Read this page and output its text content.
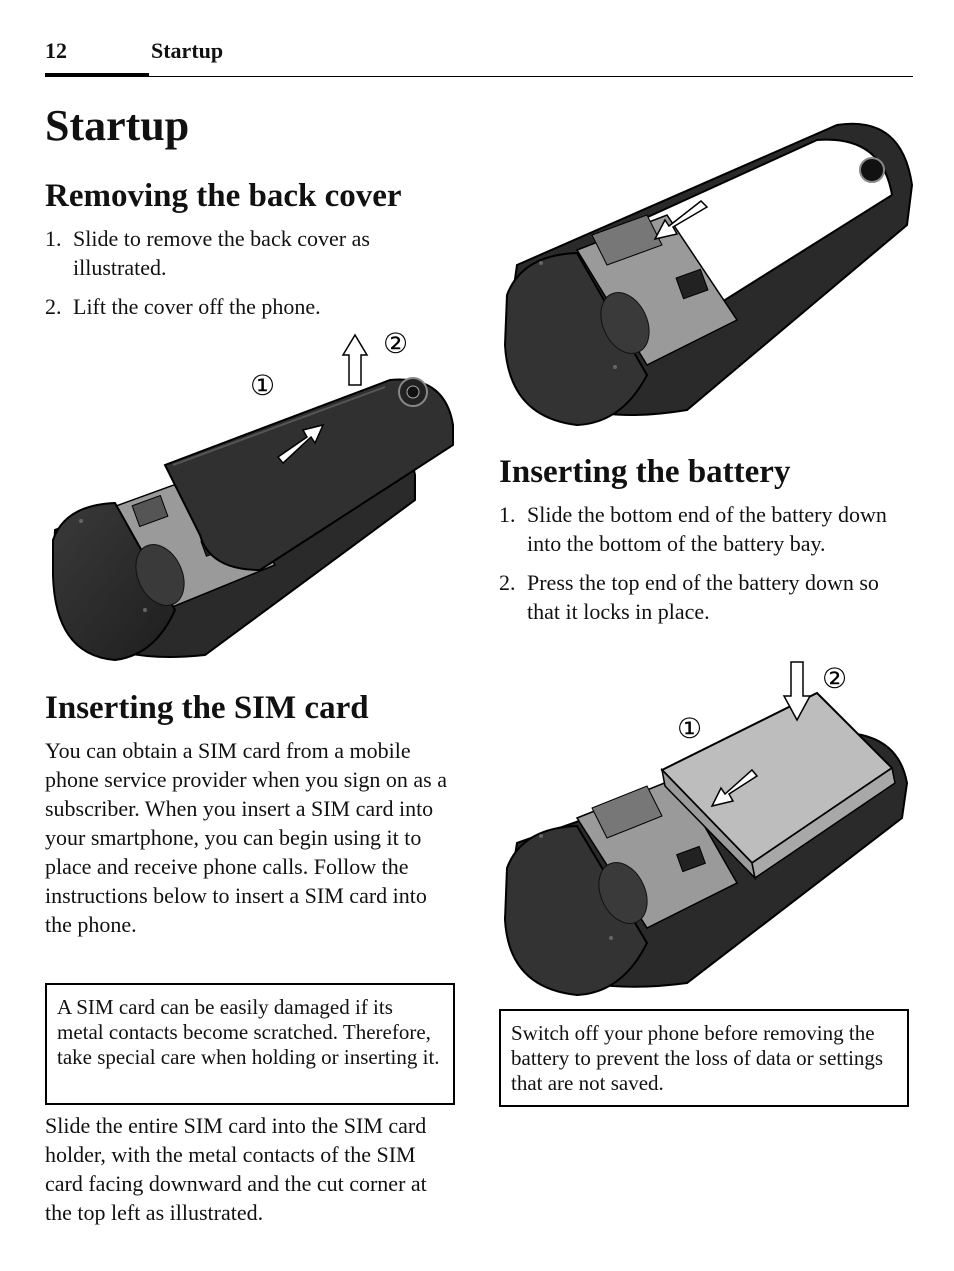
12	Startup
Startup
Removing the back cover
1. Slide to remove the back cover as illustrated.
2. Lift the cover off the phone.
①
②
Inserting the SIM card

You can obtain a SIM card from a mobile phone service provider when you sign on as a subscriber. When you insert a SIM card into your smartphone, you can begin using it to place and receive phone calls. Follow the instructions below to insert a SIM card into the phone.

A SIM card can be easily damaged if its metal contacts become scratched. Therefore, take special care when holding or inserting it.

Slide the entire SIM card into the SIM card holder, with the metal contacts of the SIM card facing downward and the cut corner at the top left as illustrated.

Inserting the battery
1. Slide the bottom end of the battery down into the bottom of the battery bay.
2. Press the top end of the battery down so that it locks in place.
①
②
Switch off your phone before removing the battery to prevent the loss of data or settings that are not saved.
